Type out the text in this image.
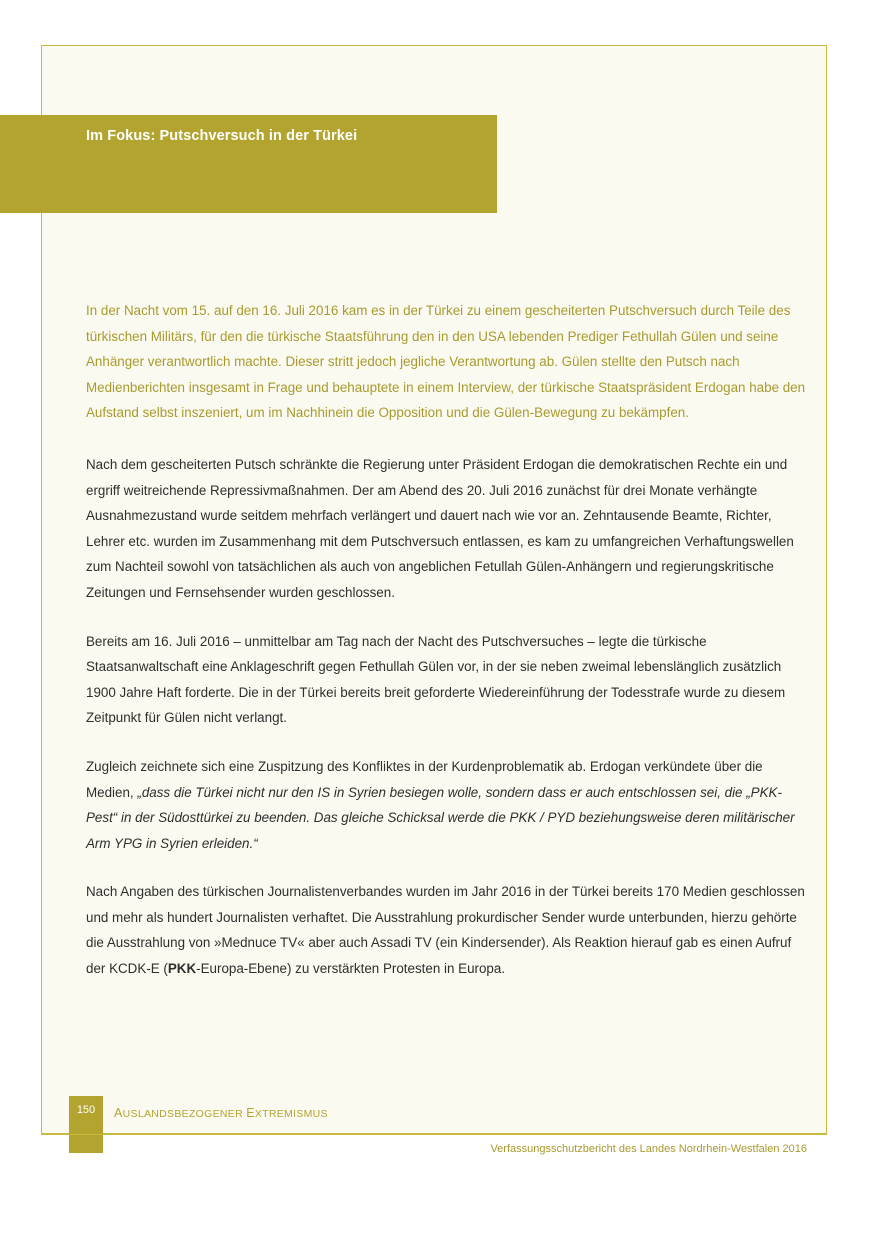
Im Fokus: Putschversuch in der Türkei

In der Nacht vom 15. auf den 16. Juli 2016 kam es in der Türkei zu einem gescheiterten Putschversuch durch Teile des türkischen Militärs, für den die türkische Staatsführung den in den USA lebenden Prediger Fethullah Gülen und seine Anhänger verantwortlich machte. Dieser stritt jedoch jegliche Verantwortung ab. Gülen stellte den Putsch nach Medienberichten insgesamt in Frage und behauptete in einem Interview, der türkische Staatspräsident Erdogan habe den Aufstand selbst inszeniert, um im Nachhinein die Opposition und die Gülen-Bewegung zu bekämpfen.

Nach dem gescheiterten Putsch schränkte die Regierung unter Präsident Erdogan die demokratischen Rechte ein und ergriff weitreichende Repressivmaßnahmen. Der am Abend des 20. Juli 2016 zunächst für drei Monate verhängte Ausnahmezustand wurde seitdem mehrfach verlängert und dauert nach wie vor an. Zehntausende Beamte, Richter, Lehrer etc. wurden im Zusammenhang mit dem Putschversuch entlassen, es kam zu umfangreichen Verhaftungswellen zum Nachteil sowohl von tatsächlichen als auch von angeblichen Fetullah Gülen-Anhängern und regierungskritische Zeitungen und Fernsehsender wurden geschlossen.

Bereits am 16. Juli 2016 – unmittelbar am Tag nach der Nacht des Putschversuches – legte die türkische Staatsanwaltschaft eine Anklageschrift gegen Fethullah Gülen vor, in der sie neben zweimal lebenslänglich zusätzlich 1900 Jahre Haft forderte. Die in der Türkei bereits breit geforderte Wiedereinführung der Todesstrafe wurde zu diesem Zeitpunkt für Gülen nicht verlangt.

Zugleich zeichnete sich eine Zuspitzung des Konfliktes in der Kurdenproblematik ab. Erdogan verkündete über die Medien, „dass die Türkei nicht nur den IS in Syrien besiegen wolle, sondern dass er auch entschlossen sei, die „PKK-Pest“ in der Südosttürkei zu beenden. Das gleiche Schicksal werde die PKK / PYD beziehungsweise deren militärischer Arm YPG in Syrien erleiden.“

Nach Angaben des türkischen Journalistenverbandes wurden im Jahr 2016 in der Türkei bereits 170 Medien geschlossen und mehr als hundert Journalisten verhaftet. Die Ausstrahlung prokurdischer Sender wurde unterbunden, hierzu gehörte die Ausstrahlung von »Mednuce TV« aber auch Assadi TV (ein Kindersender). Als Reaktion hierauf gab es einen Aufruf der KCDK-E (PKK-Europa-Ebene) zu verstärkten Protesten in Europa.

150	AUSLANDSBEZOGENER EXTREMISMUS
Verfassungsschutzbericht des Landes Nordrhein-Westfalen 2016
